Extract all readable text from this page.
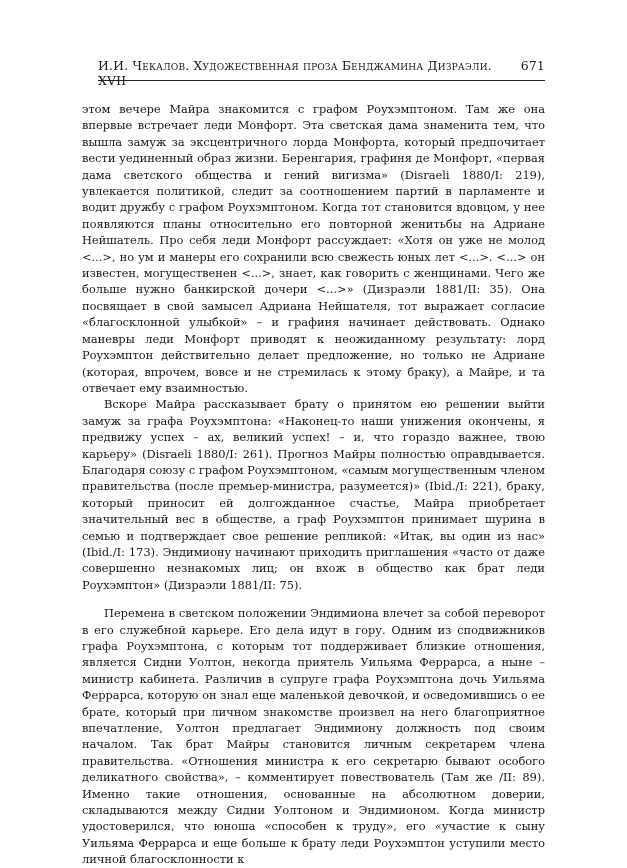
И.И. Чекалов. Художественная проза Бенджамина Дизраэли. XVII
671

этом вечере Майра знакомится с графом Роухэмптоном. Там же она впервые встречает леди Монфорт. Эта светская дама знаменита тем, что вышла замуж за эксцентричного лорда Монфорта, который предпочитает вести уединенный образ жизни. Беренгария, графиня де Монфорт, «первая дама светского общества и гений вигизма» (Disraeli 1880/I: 219), увлекается политикой, следит за соотношением партий в парламенте и водит дружбу с графом Роухэмптоном. Когда тот становится вдовцом, у нее появляются планы относительно его повторной женитьбы на Адриане Нейшатель. Про себя леди Монфорт рассуждает: «Хотя он уже не молод <...>, но ум и манеры его сохранили всю свежесть юных лет <...>. <...> он известен, могущественен <...>, знает, как говорить с женщинами. Чего же больше нужно банкирской дочери <...>» (Дизраэли 1881/II: 35). Она посвящает в свой замысел Адриана Нейшателя, тот выражает согласие «благосклонной улыбкой» – и графиня начинает действовать. Однако маневры леди Монфорт приводят к неожиданному результату: лорд Роухэмптон действительно делает предложение, но только не Адриане (которая, впрочем, вовсе и не стремилась к этому браку), а Майре, и та отвечает ему взаимностью.

Вскоре Майра рассказывает брату о принятом ею решении выйти замуж за графа Роухэмптона: «Наконец-то наши унижения окончены, я предвижу успех – ах, великий успех! – и, что гораздо важнее, твою карьеру» (Disraeli 1880/I: 261). Прогноз Майры полностью оправдывается. Благодаря союзу с графом Роухэмптоном, «самым могущественным членом правительства (после премьер-министра, разумеется)» (Ibid./I: 221), браку, который приносит ей долгожданное счастье, Майра приобретает значительный вес в обществе, а граф Роухэмптон принимает шурина в семью и подтверждает свое решение репликой: «Итак, вы один из нас» (Ibid./I: 173). Эндимиону начинают приходить приглашения «часто от даже совершенно незнакомых лиц; он вхож в общество как брат леди Роухэмптон» (Дизраэли 1881/II: 75).

Перемена в светском положении Эндимиона влечет за собой переворот в его служебной карьере. Его дела идут в гору. Одним из сподвижников графа Роухэмптона, с которым тот поддерживает близкие отношения, является Сидни Уолтон, некогда приятель Уильяма Феррарса, а ныне – министр кабинета. Различив в супруге графа Роухэмптона дочь Уильяма Феррарса, которую он знал еще маленькой девочкой, и осведомившись о ее брате, который при личном знакомстве произвел на него благоприятное впечатление, Уолтон предлагает Эндимиону должность под своим началом. Так брат Майры становится личным секретарем члена правительства. «Отношения министра к его секретарю бывают особого деликатного свойства», – комментирует повествователь (Там же /II: 89). Именно такие отношения, основанные на абсолютном доверии, складываются между Сидни Уолтоном и Эндимионом. Когда министр удостоверился, что юноша «способен к труду», его «участие к сыну Уильяма Феррарса и еще больше к брату леди Роухэмптон уступили место личной благосклонности к
